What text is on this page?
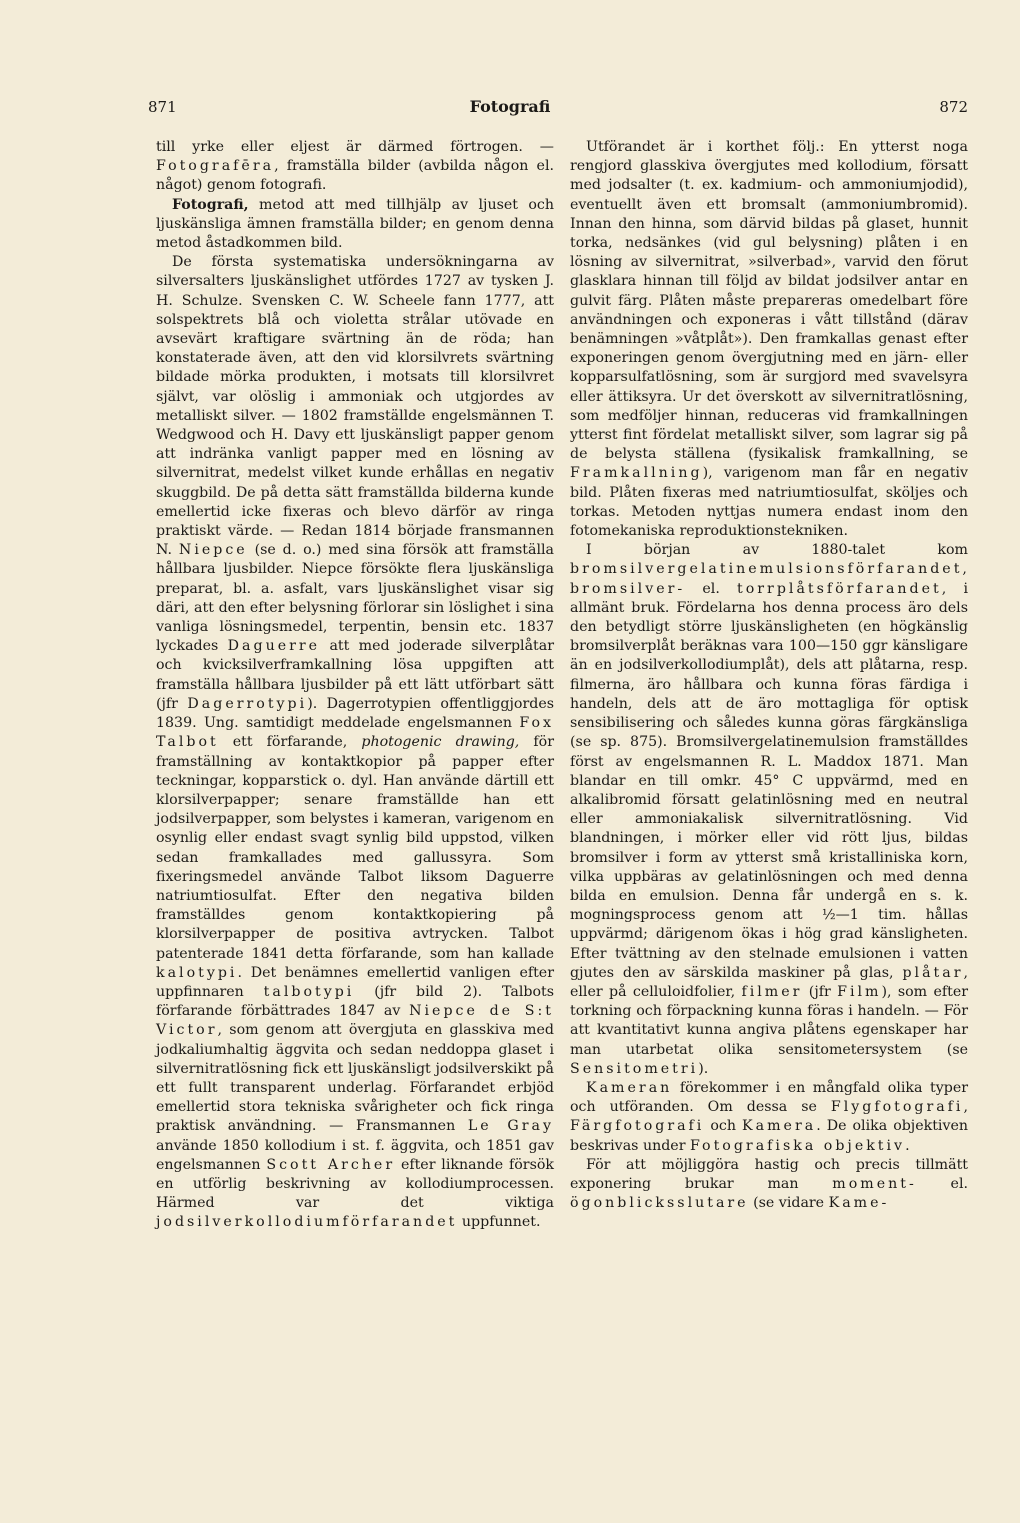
871	Fotografi	872

till yrke eller eljest är därmed förtrogen. — Fotografēra, framställa bilder (avbilda någon el. något) genom fotografi.

Fotografi, metod att med tillhjälp av ljuset och ljuskänsliga ämnen framställa bilder; en genom denna metod åstadkommen bild.

De första systematiska undersökningarna av silversalters ljuskänslighet utfördes 1727 av tysken J. H. Schulze. Svensken C. W. Scheele fann 1777, att solspektrets blå och violetta strålar utövade en avsevärt kraftigare svärtning än de röda; han konstaterade även, att den vid klorsilvrets svärtning bildade mörka produkten, i motsats till klorsilvret självt, var olöslig i ammoniak och utgjordes av metalliskt silver. — 1802 framställde engelsmännen T. Wedgwood och H. Davy ett ljuskänsligt papper genom att indränka vanligt papper med en lösning av silvernitrat, medelst vilket kunde erhållas en negativ skuggbild. De på detta sätt framställda bilderna kunde emellertid icke fixeras och blevo därför av ringa praktiskt värde. — Redan 1814 började fransmannen N. Niepce (se d. o.) med sina försök att framställa hållbara ljusbilder. Niepce försökte flera ljuskänsliga preparat, bl. a. asfalt, vars ljuskänslighet visar sig däri, att den efter belysning förlorar sin löslighet i sina vanliga lösningsmedel, terpentin, bensin etc. 1837 lyckades Daguerre att med joderade silverplåtar och kvicksilverframkallning lösa uppgiften att framställa hållbara ljusbilder på ett lätt utförbart sätt (jfr Dagerrotypi). Dagerrotypien offentliggjordes 1839. Ung. samtidigt meddelade engelsmannen Fox Talbot ett förfarande, photogenic drawing, för framställning av kontaktkopior på papper efter teckningar, kopparstick o. dyl. Han använde därtill ett klorsilverpapper; senare framställde han ett jodsilverpapper, som belystes i kameran, varigenom en osynlig eller endast svagt synlig bild uppstod, vilken sedan framkallades med gallussyra. Som fixeringsmedel använde Talbot liksom Daguerre natriumtiosulfat. Efter den negativa bilden framställdes genom kontaktkopiering på klorsilverpapper de positiva avtrycken. Talbot patenterade 1841 detta förfarande, som han kallade kalotypi. Det benämnes emellertid vanligen efter uppfinnaren talbotypi (jfr bild 2). Talbots förfarande förbättrades 1847 av Niepce de S:t Victor, som genom att övergjuta en glasskiva med jodkaliumhaltig äggvita och sedan neddoppa glaset i silvernitratlösning fick ett ljuskänsligt jodsilverskikt på ett fullt transparent underlag. Förfarandet erbjöd emellertid stora tekniska svårigheter och fick ringa praktisk användning. — Fransmannen Le Gray använde 1850 kollodium i st. f. äggvita, och 1851 gav engelsmannen Scott Archer efter liknande försök en utförlig beskrivning av kollodiumprocessen. Härmed var det viktiga jodsilverkollodiumförfarandet uppfunnet.

Utförandet är i korthet följ.: En ytterst noga rengjord glasskiva övergjutes med kollodium, försatt med jodsalter (t. ex. kadmium- och ammoniumjodid), eventuellt även ett bromsalt (ammoniumbromid). Innan den hinna, som därvid bildas på glaset, hunnit torka, nedsänkes (vid gul belysning) plåten i en lösning av silvernitrat, »silverbad», varvid den förut glasklara hinnan till följd av bildat jodsilver antar en gulvit färg. Plåten måste prepareras omedelbart före användningen och exponeras i vått tillstånd (därav benämningen »våtplåt»). Den framkallas genast efter exponeringen genom övergjutning med en järn- eller kopparsulfatlösning, som är surgjord med svavelsyra eller ättiksyra. Ur det överskott av silvernitratlösning, som medföljer hinnan, reduceras vid framkallningen ytterst fint fördelat metalliskt silver, som lagrar sig på de belysta ställena (fysikalisk framkallning, se Framkallning), varigenom man får en negativ bild. Plåten fixeras med natriumtiosulfat, sköljes och torkas. Metoden nyttjas numera endast inom den fotomekaniska reproduktionstekniken.

I början av 1880-talet kom bromsilvergelatinemulsionsförfarandet, bromsilver- el. torrplåtsförfarandet, i allmänt bruk. Fördelarna hos denna process äro dels den betydligt större ljuskänsligheten (en högkänslig bromsilverplåt beräknas vara 100—150 ggr känsligare än en jodsilverkollodiumplåt), dels att plåtarna, resp. filmerna, äro hållbara och kunna föras färdiga i handeln, dels att de äro mottagliga för optisk sensibilisering och således kunna göras färgkänsliga (se sp. 875). Bromsilvergelatinemulsion framställdes först av engelsmannen R. L. Maddox 1871. Man blandar en till omkr. 45° C uppvärmd, med en alkalibromid försatt gelatinlösning med en neutral eller ammoniakalisk silvernitratlösning. Vid blandningen, i mörker eller vid rött ljus, bildas bromsilver i form av ytterst små kristalliniska korn, vilka uppbäras av gelatinlösningen och med denna bilda en emulsion. Denna får undergå en s. k. mogningsprocess genom att ½—1 tim. hållas uppvärmd; därigenom ökas i hög grad känsligheten. Efter tvättning av den stelnade emulsionen i vatten gjutes den av särskilda maskiner på glas, plåtar, eller på celluloidfolier, filmer (jfr Film), som efter torkning och förpackning kunna föras i handeln. — För att kvantitativt kunna angiva plåtens egenskaper har man utarbetat olika sensitometersystem (se Sensitometri).

Kameran förekommer i en mångfald olika typer och utföranden. Om dessa se Flygfotografi, Färgfotografi och Kamera. De olika objektiven beskrivas under Fotografiska objektiv.

För att möjliggöra hastig och precis tillmätt exponering brukar man moment- el. ögonblicksslutare (se vidare Kame-
